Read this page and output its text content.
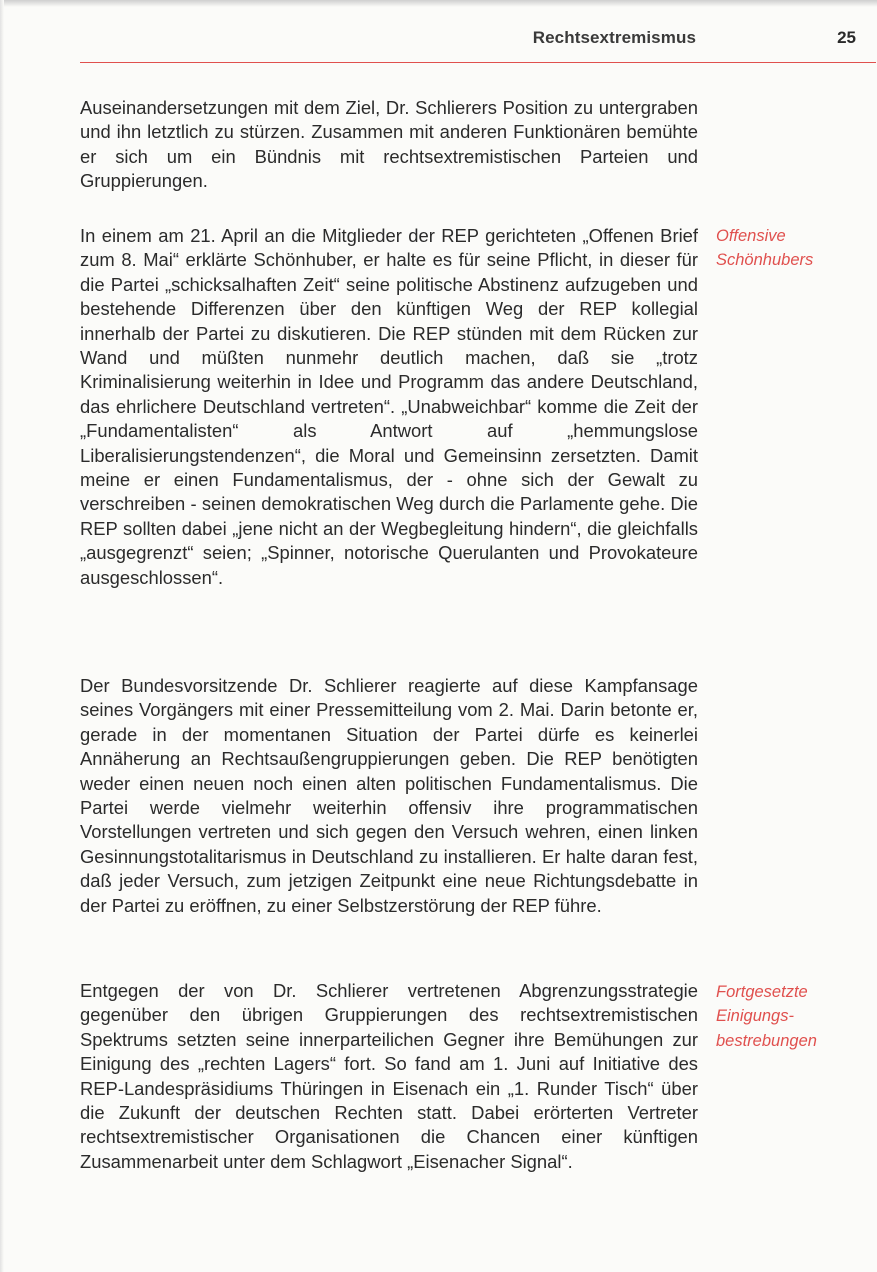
Rechtsextremismus	25

Auseinandersetzungen mit dem Ziel, Dr. Schlierers Position zu untergraben und ihn letztlich zu stürzen. Zusammen mit anderen Funktionären bemühte er sich um ein Bündnis mit rechtsextremistischen Parteien und Gruppierungen.

In einem am 21. April an die Mitglieder der REP gerichteten „Offenen Brief zum 8. Mai“ erklärte Schönhuber, er halte es für seine Pflicht, in dieser für die Partei „schicksalhaften Zeit“ seine politische Abstinenz aufzugeben und bestehende Differenzen über den künftigen Weg der REP kollegial innerhalb der Partei zu diskutieren. Die REP stünden mit dem Rücken zur Wand und müßten nunmehr deutlich machen, daß sie „trotz Kriminalisierung weiterhin in Idee und Programm das andere Deutschland, das ehrlichere Deutschland vertreten“. „Unabweichbar“ komme die Zeit der „Fundamentalisten“ als Antwort auf „hemmungslose Liberalisierungstendenzen“, die Moral und Gemeinsinn zersetzten. Damit meine er einen Fundamentalismus, der - ohne sich der Gewalt zu verschreiben - seinen demokratischen Weg durch die Parlamente gehe. Die REP sollten dabei „jene nicht an der Wegbegleitung hindern“, die gleichfalls „ausgegrenzt“ seien; „Spinner, notorische Querulanten und Provokateure ausgeschlossen“.

Der Bundesvorsitzende Dr. Schlierer reagierte auf diese Kampfansage seines Vorgängers mit einer Pressemitteilung vom 2. Mai. Darin betonte er, gerade in der momentanen Situation der Partei dürfe es keinerlei Annäherung an Rechtsaußengruppierungen geben. Die REP benötigten weder einen neuen noch einen alten politischen Fundamentalismus. Die Partei werde vielmehr weiterhin offensiv ihre programmatischen Vorstellungen vertreten und sich gegen den Versuch wehren, einen linken Gesinnungstotalitarismus in Deutschland zu installieren. Er halte daran fest, daß jeder Versuch, zum jetzigen Zeitpunkt eine neue Richtungsdebatte in der Partei zu eröffnen, zu einer Selbstzerstörung der REP führe.

Entgegen der von Dr. Schlierer vertretenen Abgrenzungsstrategie gegenüber den übrigen Gruppierungen des rechtsextremistischen Spektrums setzten seine innerparteilichen Gegner ihre Bemühungen zur Einigung des „rechten Lagers“ fort. So fand am 1. Juni auf Initiative des REP-Landespräsidiums Thüringen in Eisenach ein „1. Runder Tisch“ über die Zukunft der deutschen Rechten statt. Dabei erörterten Vertreter rechtsextremistischer Organisationen die Chancen einer künftigen Zusammenarbeit unter dem Schlagwort „Eisenacher Signal“.

Offensive
Schönhubers
Fortgesetzte
Einigungs-
bestrebungen
